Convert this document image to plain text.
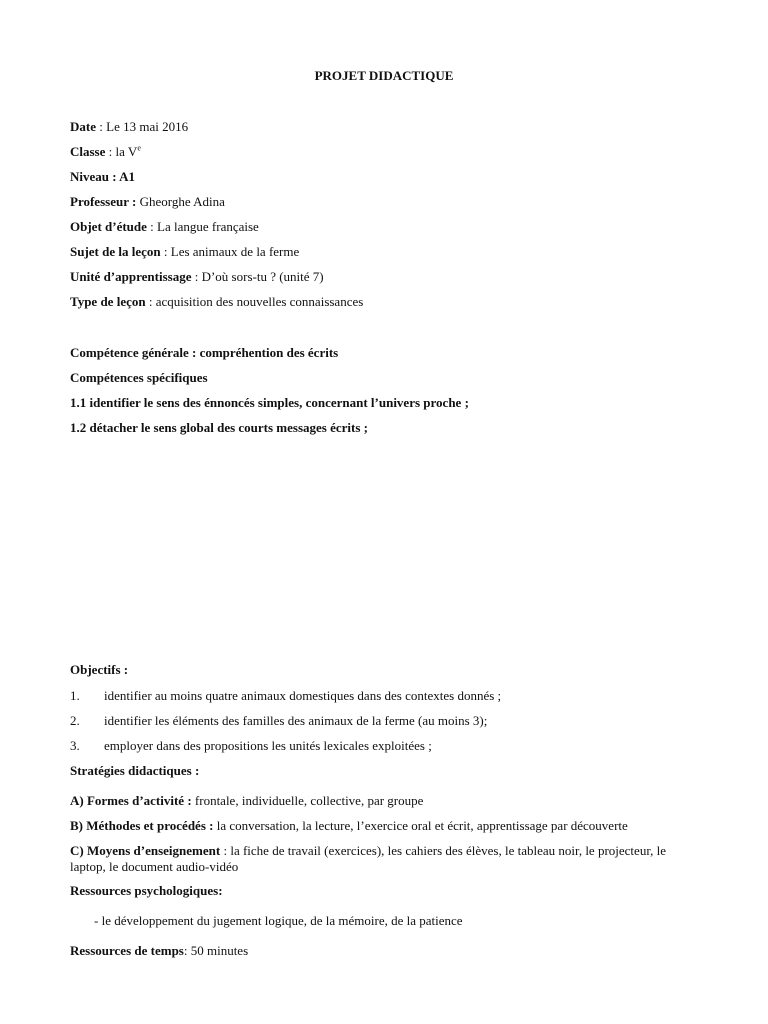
PROJET DIDACTIQUE
Date : Le 13 mai 2016
Classe : la Ve
Niveau : A1
Professeur : Gheorghe Adina
Objet d’étude : La langue française
Sujet de la leçon : Les animaux de la ferme
Unité d’apprentissage : D’où sors-tu ? (unité 7)
Type de leçon : acquisition des nouvelles connaissances
Compétence générale : compréhention des écrits
Compétences spécifiques
1.1 identifier le sens des énnoncés simples, concernant l’univers proche ;
1.2 détacher le sens global des courts messages écrits ;
Objectifs :
1. identifier au moins quatre animaux domestiques dans des contextes donnés ;
2. identifier les éléments des familles des animaux de la ferme (au moins 3);
3. employer dans des propositions les unités lexicales exploitées ;
Stratégies didactiques :
A) Formes d’activité : frontale, individuelle, collective, par groupe
B) Méthodes et procédés : la conversation, la lecture, l’exercice oral et écrit, apprentissage par découverte
C) Moyens d’enseignement : la fiche de travail (exercices), les cahiers des élèves, le tableau noir, le projecteur, le laptop, le document audio-vidéo
Ressources psychologiques:
- le développement du jugement logique, de la mémoire, de la patience
Ressources de temps: 50 minutes
